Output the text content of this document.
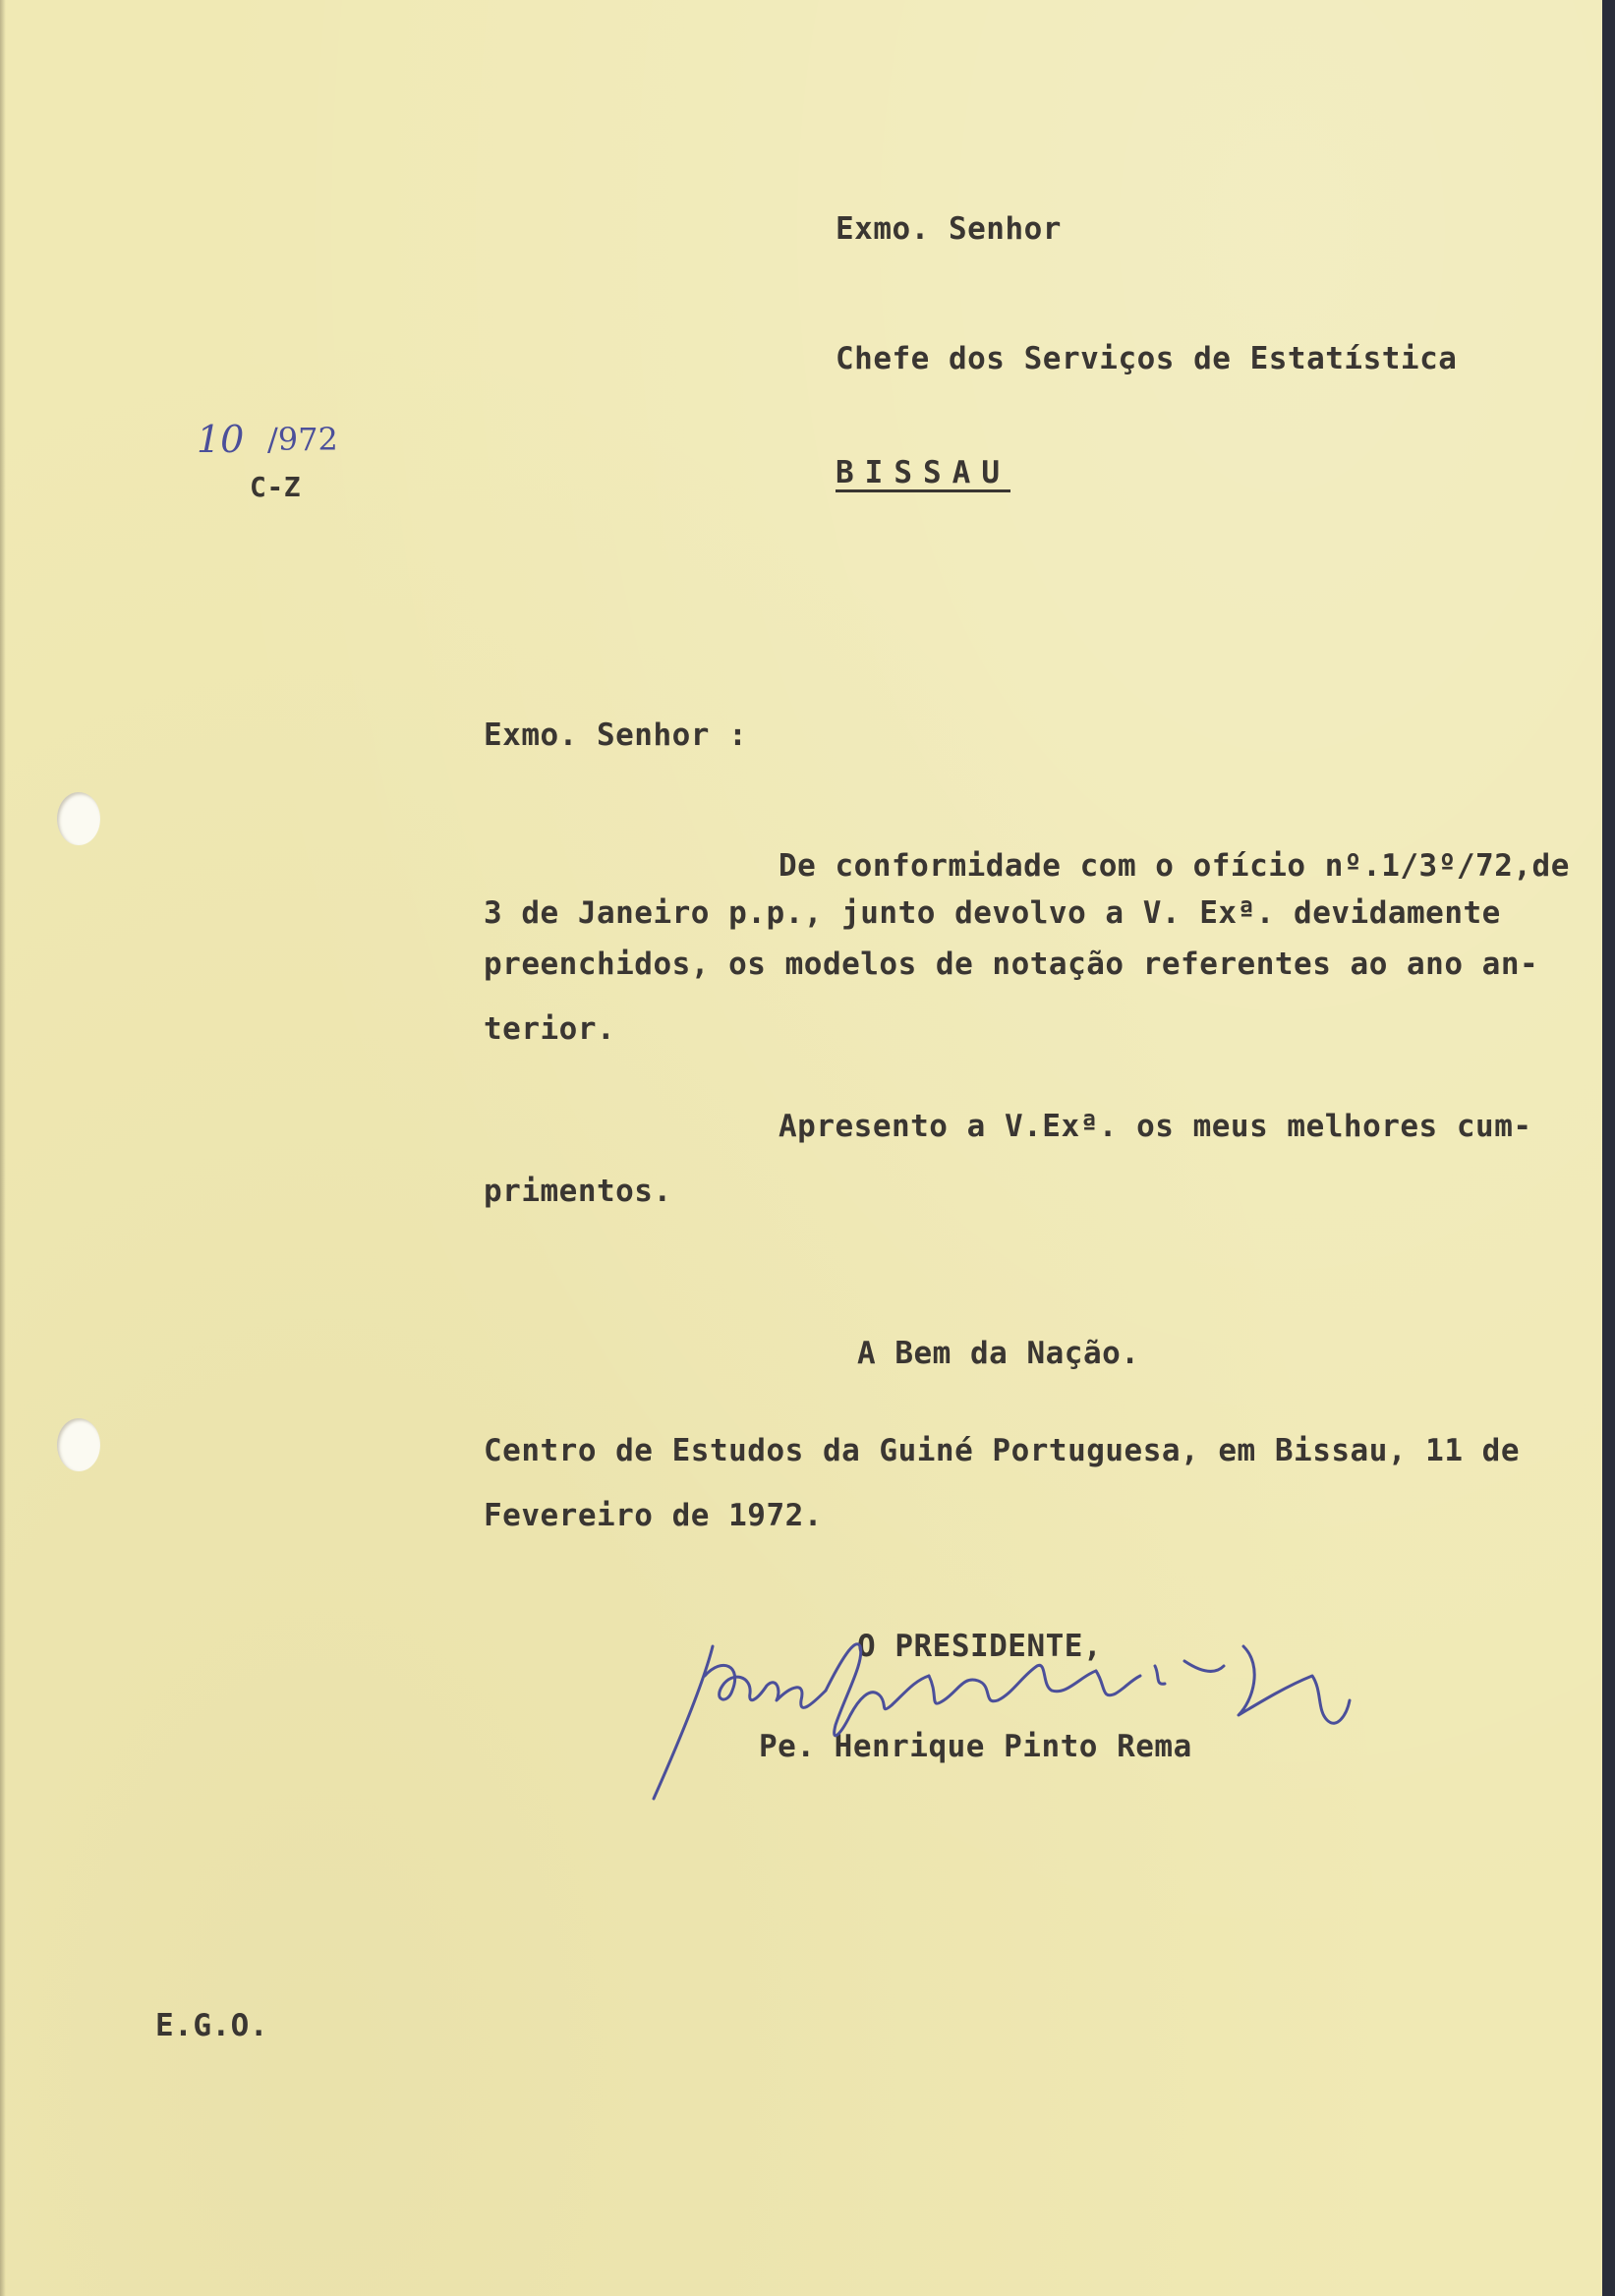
Exmo. Senhor
Chefe dos Serviços de Estatística
BISSAU
10 /972
C-Z
Exmo. Senhor :
De conformidade com o ofício nº.1/3º/72,de
3 de Janeiro p.p., junto devolvo a V. Exª. devidamente
preenchidos, os modelos de notação referentes ao ano an-
terior.
Apresento a V.Exª. os meus melhores cum-
primentos.
A Bem da Nação.
Centro de Estudos da Guiné Portuguesa, em Bissau, 11 de
Fevereiro de 1972.
O PRESIDENTE,
Pe. Henrique Pinto Rema
E.G.O.
